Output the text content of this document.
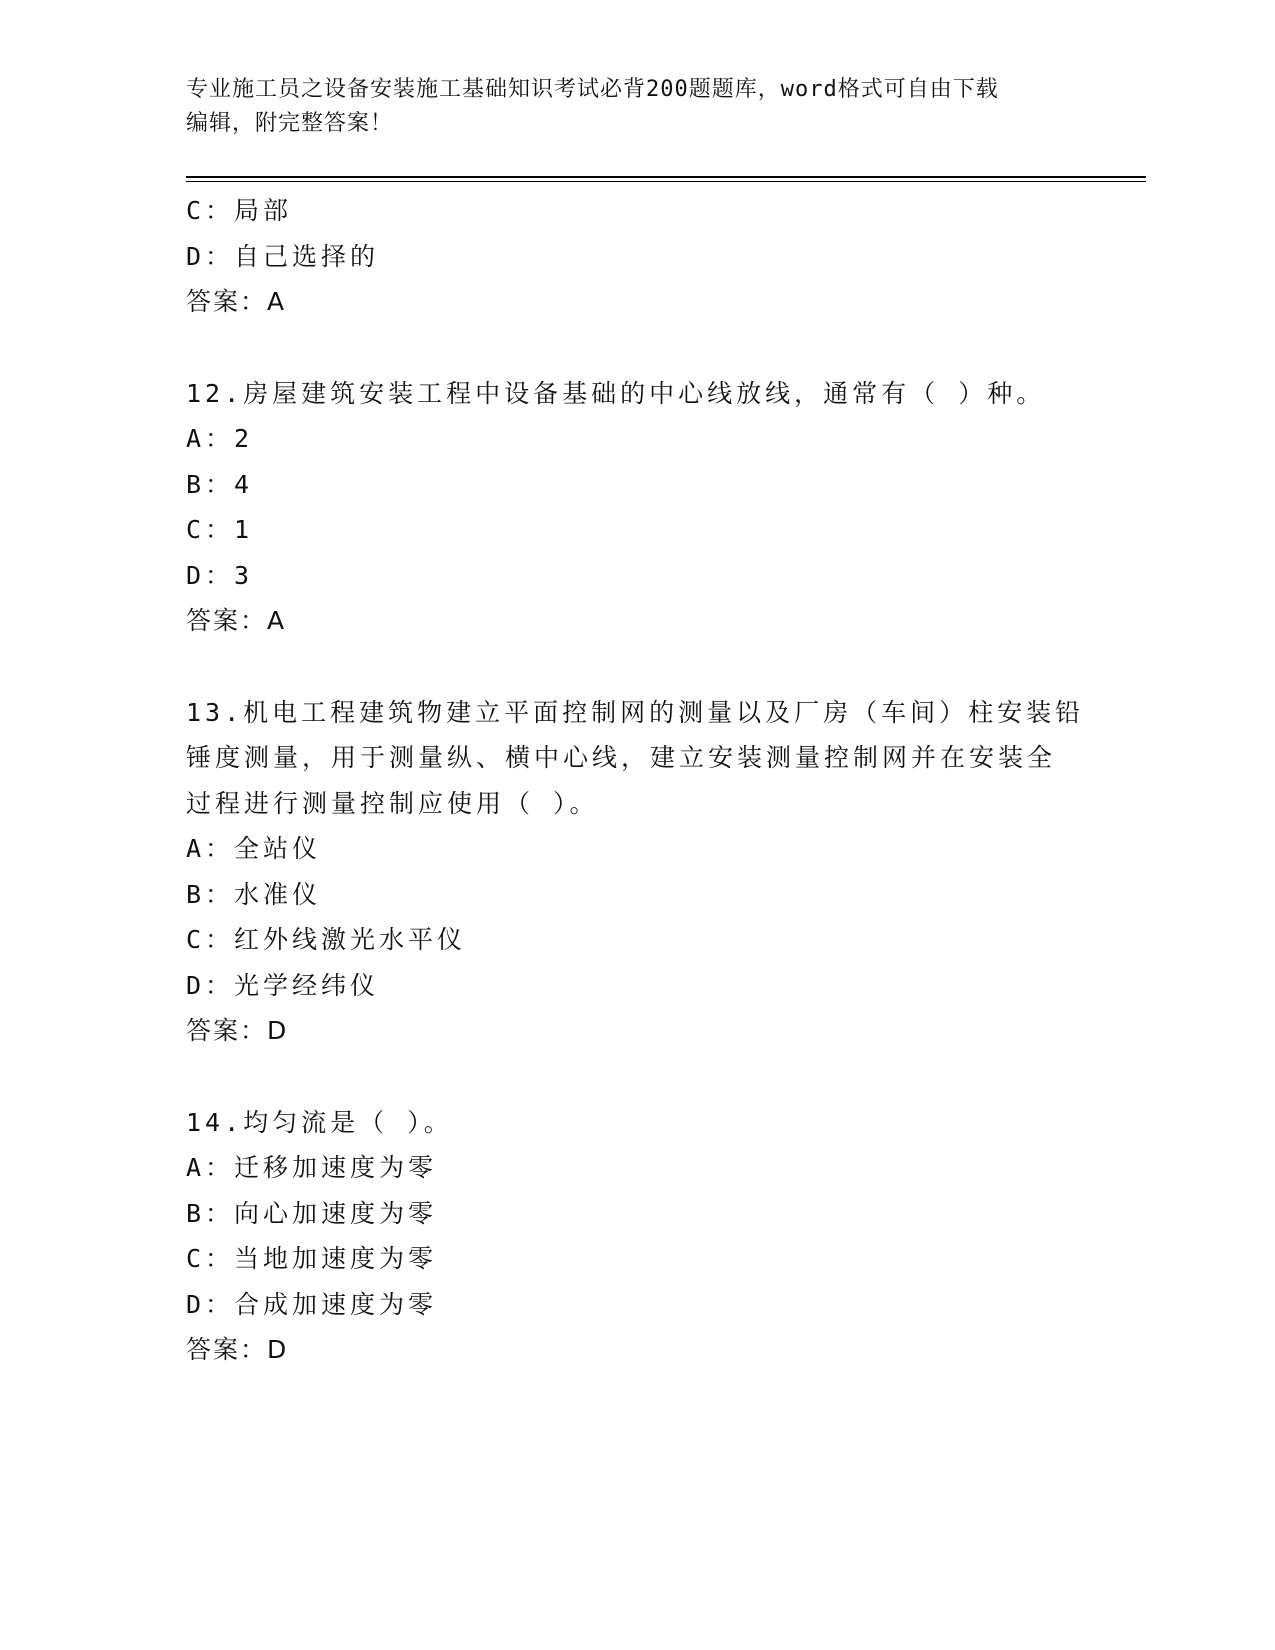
专业施工员之设备安装施工基础知识考试必背200题题库，word格式可自由下载
编辑，附完整答案！
C：局部
D：自己选择的
答案：A
12.房屋建筑安装工程中设备基础的中心线放线，通常有（ ）种。
A：2
B：4
C：1
D：3
答案：A
13.机电工程建筑物建立平面控制网的测量以及厂房（车间）柱安装铅
锤度测量，用于测量纵、横中心线，建立安装测量控制网并在安装全
过程进行测量控制应使用（ ）。
A：全站仪
B：水准仪
C：红外线激光水平仪
D：光学经纬仪
答案：D
14.均匀流是（ ）。
A：迁移加速度为零
B：向心加速度为零
C：当地加速度为零
D：合成加速度为零
答案：D
